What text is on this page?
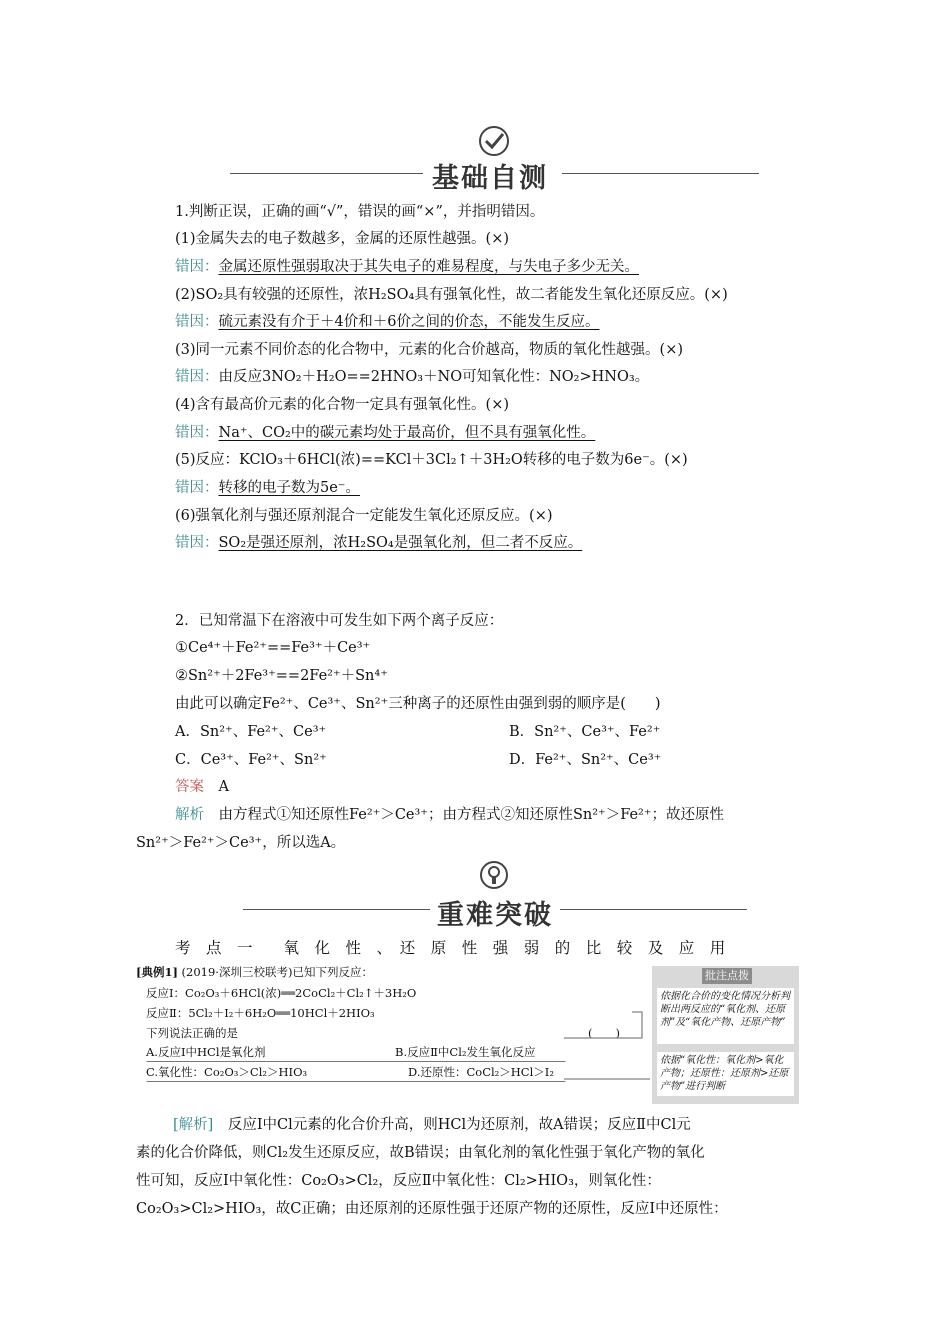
基础自测
1.判断正误，正确的画“√”，错误的画“×”，并指明错因。
(1)金属失去的电子数越多，金属的还原性越强。(×)
错因：金属还原性强弱取决于其失电子的难易程度，与失电子多少无关。
(2)SO₂具有较强的还原性，浓H₂SO₄具有强氧化性，故二者能发生氧化还原反应。(×)
错因：硫元素没有介于＋4价和＋6价之间的价态，不能发生反应。
(3)同一元素不同价态的化合物中，元素的化合价越高，物质的氧化性越强。(×)
错因：由反应3NO₂＋H₂O==2HNO₃＋NO可知氧化性：NO₂>HNO₃。
(4)含有最高价元素的化合物一定具有强氧化性。(×)
错因：Na⁺、CO₂中的碳元素均处于最高价，但不具有强氧化性。
(5)反应：KClO₃＋6HCl(浓)==KCl＋3Cl₂↑＋3H₂O转移的电子数为6e⁻。(×)
错因：转移的电子数为5e⁻。
(6)强氧化剂与强还原剂混合一定能发生氧化还原反应。(×)
错因：SO₂是强还原剂，浓H₂SO₄是强氧化剂，但二者不反应。
2．已知常温下在溶液中可发生如下两个离子反应：
①Ce⁴⁺＋Fe²⁺==Fe³⁺＋Ce³⁺
②Sn²⁺＋2Fe³⁺==2Fe²⁺＋Sn⁴⁺
由此可以确定Fe²⁺、Ce³⁺、Sn²⁺三种离子的还原性由强到弱的顺序是(　　)
A．Sn²⁺、Fe²⁺、Ce³⁺	B．Sn²⁺、Ce³⁺、Fe²⁺
C．Ce³⁺、Fe²⁺、Sn²⁺	D．Fe²⁺、Sn²⁺、Ce³⁺
答案　 A
解析　 由方程式①知还原性Fe²⁺＞Ce³⁺；由方程式②知还原性Sn²⁺＞Fe²⁺；故还原性
Sn²⁺＞Fe²⁺＞Ce³⁺，所以选A。
重难突破
考　点　一　　氧　化　性　、　还　原　性　强　弱　的　比　较　及　应　用
[典例1] (2019·深圳三校联考)已知下列反应：
反应Ⅰ：Co₂O₃＋6HCl(浓)══2CoCl₂＋Cl₂↑＋3H₂O
反应Ⅱ：5Cl₂＋I₂＋6H₂O══10HCl＋2HIO₃
下列说法正确的是	(　　)
A.反应Ⅰ中HCl是氧化剂	B.反应Ⅱ中Cl₂发生氧化反应
C.氧化性：Co₂O₃＞Cl₂＞HIO₃	D.还原性：CoCl₂＞HCl＞I₂
批注点拨
依据化合价的变化情况分析判断出两反应的“氧化剂、还原剂”及“氧化产物、还原产物”
依据“氧化性：氧化剂>氧化产物；还原性：还原剂>还原产物”进行判断
[解析]　 反应Ⅰ中Cl元素的化合价升高，则HCl为还原剂，故A错误；反应Ⅱ中Cl元
素的化合价降低，则Cl₂发生还原反应，故B错误；由氧化剂的氧化性强于氧化产物的氧化
性可知，反应Ⅰ中氧化性：Co₂O₃>Cl₂，反应Ⅱ中氧化性：Cl₂>HIO₃，则氧化性：
Co₂O₃>Cl₂>HIO₃，故C正确；由还原剂的还原性强于还原产物的还原性，反应Ⅰ中还原性：
